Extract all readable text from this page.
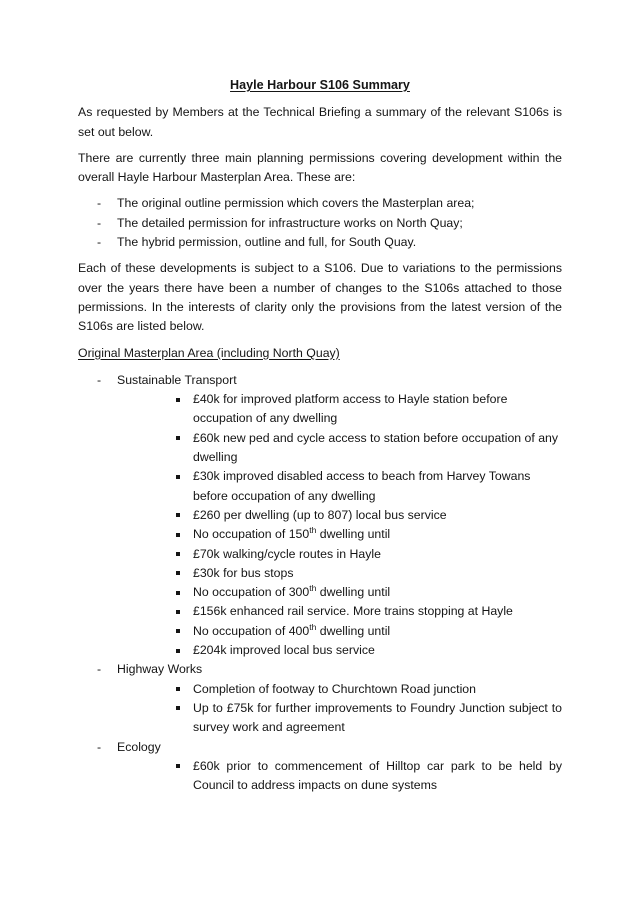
Hayle Harbour S106 Summary

As requested by Members at the Technical Briefing a summary of the relevant S106s is set out below.

There are currently three main planning permissions covering development within the overall Hayle Harbour Masterplan Area. These are:

- The original outline permission which covers the Masterplan area;
- The detailed permission for infrastructure works on North Quay;
- The hybrid permission, outline and full, for South Quay.

Each of these developments is subject to a S106. Due to variations to the permissions over the years there have been a number of changes to the S106s attached to those permissions. In the interests of clarity only the provisions from the latest version of the S106s are listed below.

Original Masterplan Area (including North Quay)
- Sustainable Transport
£40k for improved platform access to Hayle station before occupation of any dwelling
£60k new ped and cycle access to station before occupation of any dwelling
£30k improved disabled access to beach from Harvey Towans before occupation of any dwelling
£260 per dwelling (up to 807) local bus service
No occupation of 150th dwelling until
£70k walking/cycle routes in Hayle
£30k for bus stops
No occupation of 300th dwelling until
£156k enhanced rail service. More trains stopping at Hayle
No occupation of 400th dwelling until
£204k improved local bus service
- Highway Works
Completion of footway to Churchtown Road junction
Up to £75k for further improvements to Foundry Junction subject to survey work and agreement
- Ecology
£60k prior to commencement of Hilltop car park to be held by Council to address impacts on dune systems
